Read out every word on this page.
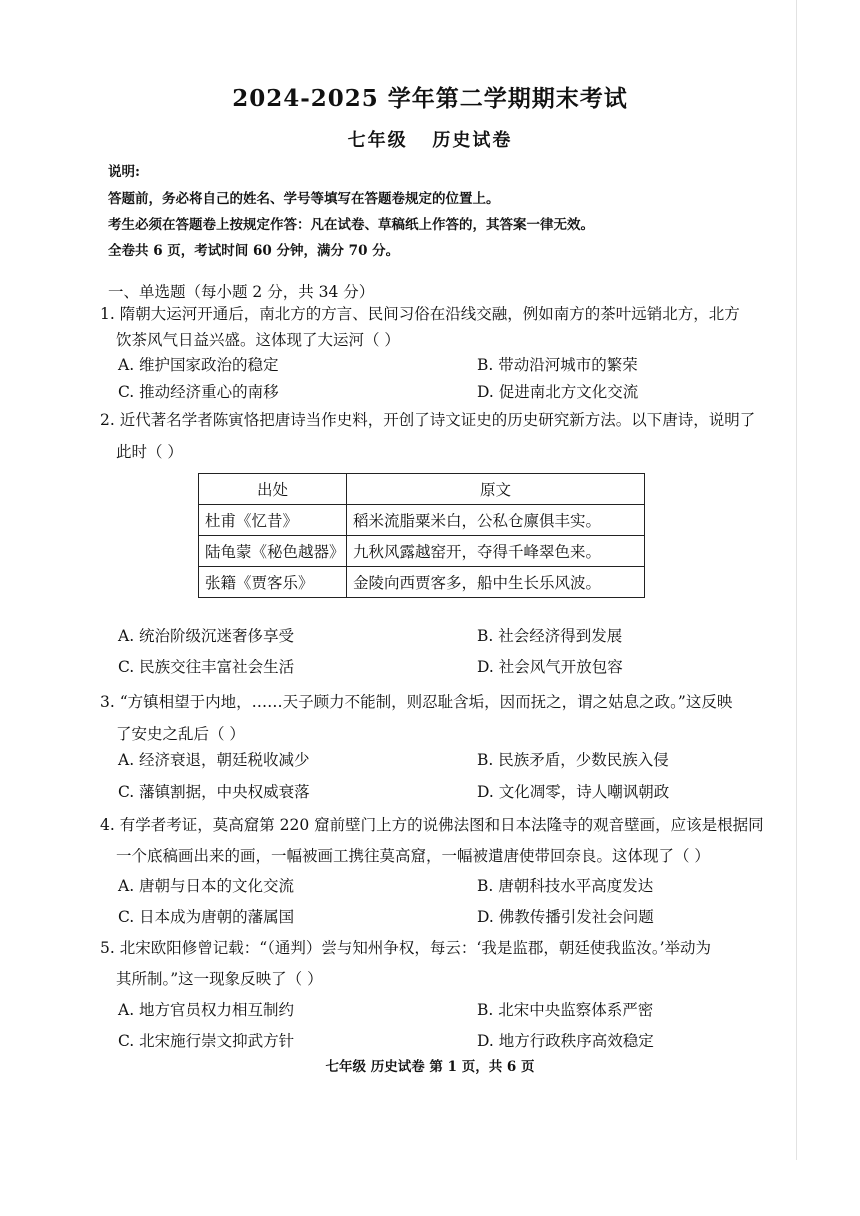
2024-2025 学年第二学期期末考试
七年级   历史试卷
说明:
答题前，务必将自己的姓名、学号等填写在答题卷规定的位置上。
考生必须在答题卷上按规定作答：凡在试卷、草稿纸上作答的，其答案一律无效。
全卷共 6 页，考试时间 60 分钟，满分 70 分。
一、单选题（每小题 2 分，共 34 分）
1. 隋朝大运河开通后，南北方的方言、民间习俗在沿线交融，例如南方的茶叶远销北方，北方
饮茶风气日益兴盛。这体现了大运河（ ）
A. 维护国家政治的稳定	B. 带动沿河城市的繁荣
C. 推动经济重心的南移	D. 促进南北方文化交流
2. 近代著名学者陈寅恪把唐诗当作史料，开创了诗文证史的历史研究新方法。以下唐诗，说明了
此时（ ）
出处	原文
杜甫《忆昔》	稻米流脂粟米白，公私仓廪俱丰实。
陆龟蒙《秘色越器》	九秋风露越窑开，夺得千峰翠色来。
张籍《贾客乐》	金陵向西贾客多，船中生长乐风波。
A. 统治阶级沉迷奢侈享受	B. 社会经济得到发展
C. 民族交往丰富社会生活	D. 社会风气开放包容
3. “方镇相望于内地，……天子顾力不能制，则忍耻含垢，因而抚之，谓之姑息之政。”这反映
了安史之乱后（ ）
A. 经济衰退，朝廷税收减少	B. 民族矛盾，少数民族入侵
C. 藩镇割据，中央权威衰落	D. 文化凋零，诗人嘲讽朝政
4. 有学者考证，莫高窟第 220 窟前壁门上方的说佛法图和日本法隆寺的观音壁画，应该是根据同
一个底稿画出来的画，一幅被画工携往莫高窟，一幅被遣唐使带回奈良。这体现了（ ）
A. 唐朝与日本的文化交流	B. 唐朝科技水平高度发达
C. 日本成为唐朝的藩属国	D. 佛教传播引发社会问题
5. 北宋欧阳修曾记载：“（通判）尝与知州争权，每云：‘我是监郡，朝廷使我监汝。’举动为
其所制。”这一现象反映了（ ）
A. 地方官员权力相互制约	B. 北宋中央监察体系严密
C. 北宋施行崇文抑武方针	D. 地方行政秩序高效稳定
七年级 历史试卷 第 1 页，共 6 页
